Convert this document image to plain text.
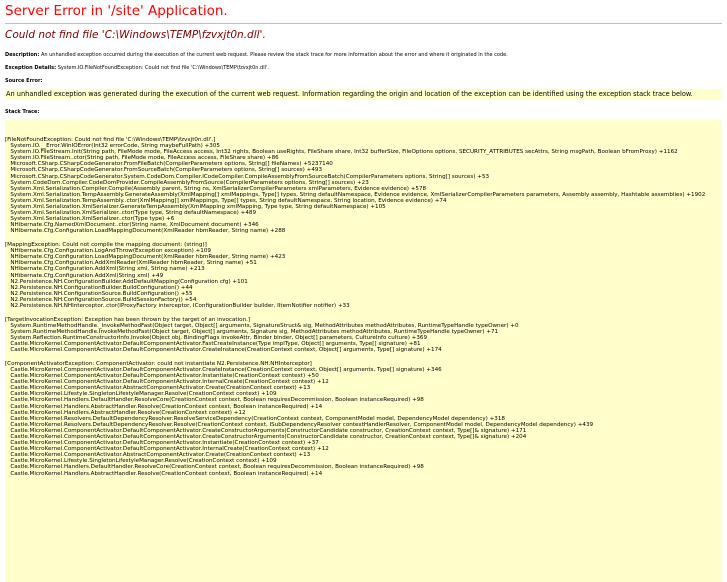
Server Error in '/site' Application.
Could not find file 'C:\Windows\TEMP\fzvxjt0n.dll'.
Description: An unhandled exception occurred during the execution of the current web request. Please review the stack trace for more information about the error and where it originated in the code.
Exception Details: System.IO.FileNotFoundException: Could not find file 'C:\Windows\TEMP\fzvxjt0n.dll'.
Source Error:
An unhandled exception was generated during the execution of the current web request. Information regarding the origin and location of the exception can be identified using the exception stack trace below.
Stack Trace:
[FileNotFoundException: Could not find file 'C:\Windows\TEMP\fzvxjt0n.dll'.]
System.IO.__Error.WinIOError(Int32 errorCode, String maybeFullPath) +305
System.IO.FileStream.Init(String path, FileMode mode, FileAccess access, Int32 rights, Boolean useRights, FileShare share, Int32 bufferSize, FileOptions options, SECURITY_ATTRIBUTES secAttrs, String msgPath, Boolean bFromProxy) +1162
System.IO.FileStream..ctor(String path, FileMode mode, FileAccess access, FileShare share) +86
Microsoft.CSharp.CSharpCodeGenerator.FromFileBatch(CompilerParameters options, String[] fileNames) +5237140
Microsoft.CSharp.CSharpCodeGenerator.FromSourceBatch(CompilerParameters options, String[] sources) +493
Microsoft.CSharp.CSharpCodeGenerator.System.CodeDom.Compiler.ICodeCompiler.CompileAssemblyFromSourceBatch(CompilerParameters options, String[] sources) +53
System.CodeDom.Compiler.CodeDomProvider.CompileAssemblyFromSource(CompilerParameters options, String[] sources) +23
System.Xml.Serialization.Compiler.Compile(Assembly parent, String ns, XmlSerializerCompilerParameters xmlParameters, Evidence evidence) +578
System.Xml.Serialization.TempAssembly.GenerateAssembly(XmlMapping[] xmlMappings, Type[] types, String defaultNamespace, Evidence evidence, XmlSerializerCompilerParameters parameters, Assembly assembly, Hashtable assemblies) +1902
System.Xml.Serialization.TempAssembly..ctor(XmlMapping[] xmlMappings, Type[] types, String defaultNamespace, String location, Evidence evidence) +74
System.Xml.Serialization.XmlSerializer.GenerateTempAssembly(XmlMapping xmlMapping, Type type, String defaultNamespace) +105
System.Xml.Serialization.XmlSerializer..ctor(Type type, String defaultNamespace) +489
System.Xml.Serialization.XmlSerializer..ctor(Type type) +6
NHibernate.Cfg.NamedXmlDocument..ctor(String name, XmlDocument document) +346
NHibernate.Cfg.Configuration.LoadMappingDocument(XmlReader hbmReader, String name) +288
[MappingException: Could not compile the mapping document: (string)]
NHibernate.Cfg.Configuration.LogAndThrow(Exception exception) +109
NHibernate.Cfg.Configuration.LoadMappingDocument(XmlReader hbmReader, String name) +423
NHibernate.Cfg.Configuration.AddXmlReader(XmlReader hbmReader, String name) +51
NHibernate.Cfg.Configuration.AddXml(String xml, String name) +213
NHibernate.Cfg.Configuration.AddXml(String xml) +49
N2.Persistence.NH.ConfigurationBuilder.AddDefaultMapping(Configuration cfg) +101
N2.Persistence.NH.ConfigurationBuilder.BuildConfiguration() +44
N2.Persistence.NH.ConfigurationSource.BuildConfiguration() +55
N2.Persistence.NH.ConfigurationSource.BuildSessionFactory() +54
N2.Persistence.NH.NHInterceptor..ctor(IProxyFactory interceptor, IConfigurationBuilder builder, IItemNotifier notifier) +33
[TargetInvocationException: Exception has been thrown by the target of an invocation.]
System.RuntimeMethodHandle._InvokeMethodFast(Object target, Object[] arguments, SignatureStruct& sig, MethodAttributes methodAttributes, RuntimeTypeHandle typeOwner) +0
System.RuntimeMethodHandle.InvokeMethodFast(Object target, Object[] arguments, Signature sig, MethodAttributes methodAttributes, RuntimeTypeHandle typeOwner) +71
System.Reflection.RuntimeConstructorInfo.Invoke(Object obj, BindingFlags invokeAttr, Binder binder, Object[] parameters, CultureInfo culture) +369
Castle.MicroKernel.ComponentActivator.DefaultComponentActivator.FastCreateInstance(Type implType, Object[] arguments, Type[] signature) +81
Castle.MicroKernel.ComponentActivator.DefaultComponentActivator.CreateInstance(CreationContext context, Object[] arguments, Type[] signature) +174
[ComponentActivatorException: ComponentActivator: could not instantiate N2.Persistence.NH.NHInterceptor]
Castle.MicroKernel.ComponentActivator.DefaultComponentActivator.CreateInstance(CreationContext context, Object[] arguments, Type[] signature) +346
Castle.MicroKernel.ComponentActivator.DefaultComponentActivator.Instantiate(CreationContext context) +50
Castle.MicroKernel.ComponentActivator.DefaultComponentActivator.InternalCreate(CreationContext context) +12
Castle.MicroKernel.ComponentActivator.AbstractComponentActivator.Create(CreationContext context) +13
Castle.MicroKernel.Lifestyle.SingletonLifestyleManager.Resolve(CreationContext context) +109
Castle.MicroKernel.Handlers.DefaultHandler.ResolveCore(CreationContext context, Boolean requiresDecommission, Boolean instanceRequired) +98
Castle.MicroKernel.Handlers.AbstractHandler.Resolve(CreationContext context, Boolean instanceRequired) +14
Castle.MicroKernel.Handlers.AbstractHandler.Resolve(CreationContext context) +12
Castle.MicroKernel.Resolvers.DefaultDependencyResolver.ResolveServiceDependency(CreationContext context, ComponentModel model, DependencyModel dependency) +318
Castle.MicroKernel.Resolvers.DefaultDependencyResolver.Resolve(CreationContext context, ISubDependencyResolver contextHandlerResolver, ComponentModel model, DependencyModel dependency) +439
Castle.MicroKernel.ComponentActivator.DefaultComponentActivator.CreateConstructorArguments(ConstructorCandidate constructor, CreationContext context, Type[]& signature) +171
Castle.MicroKernel.ComponentActivator.DefaultComponentActivator.CreateConstructorArguments(ConstructorCandidate constructor, CreationContext context, Type[]& signature) +204
Castle.MicroKernel.ComponentActivator.DefaultComponentActivator.Instantiate(CreationContext context) +37
Castle.MicroKernel.ComponentActivator.DefaultComponentActivator.InternalCreate(CreationContext context) +12
Castle.MicroKernel.ComponentActivator.AbstractComponentActivator.Create(CreationContext context) +13
Castle.MicroKernel.Lifestyle.SingletonLifestyleManager.Resolve(CreationContext context) +109
Castle.MicroKernel.Handlers.DefaultHandler.ResolveCore(CreationContext context, Boolean requiresDecommission, Boolean instanceRequired) +98
Castle.MicroKernel.Handlers.AbstractHandler.Resolve(CreationContext context, Boolean instanceRequired) +14
